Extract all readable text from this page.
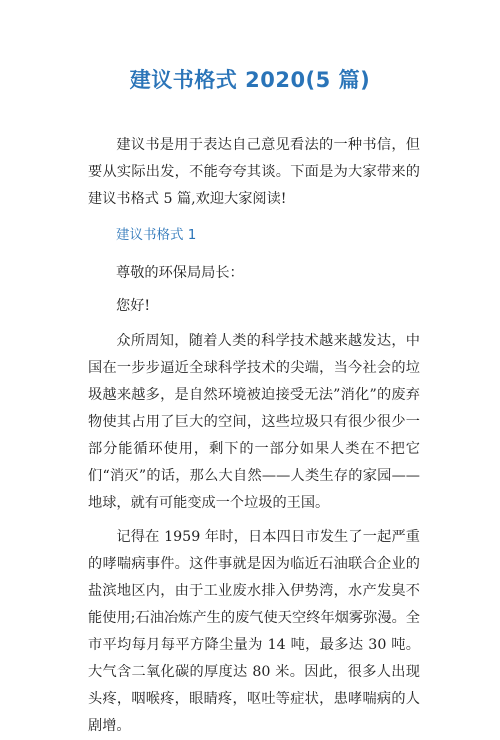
建议书格式 2020(5 篇)

建议书是用于表达自己意见看法的一种书信，但要从实际出发，不能夸夸其谈。下面是为大家带来的建议书格式 5 篇,欢迎大家阅读!

建议书格式 1

尊敬的环保局局长：

您好!

众所周知，随着人类的科学技术越来越发达，中国在一步步逼近全球科学技术的尖端，当今社会的垃圾越来越多，是自然环境被迫接受无法”消化”的废弃物使其占用了巨大的空间，这些垃圾只有很少很少一部分能循环使用，剩下的一部分如果人类在不把它们“消灭”的话，那么大自然——人类生存的家园——地球，就有可能变成一个垃圾的王国。

记得在 1959 年时，日本四日市发生了一起严重的哮喘病事件。这件事就是因为临近石油联合企业的盐滨地区内，由于工业废水排入伊势湾，水产发臭不能使用;石油冶炼产生的废气使天空终年烟雾弥漫。全市平均每月每平方降尘量为 14 吨，最多达 30 吨。大气含二氧化碳的厚度达 80 米。因此，很多人出现头疼，咽喉疼，眼睛疼，呕吐等症状，患哮喘病的人剧增。
